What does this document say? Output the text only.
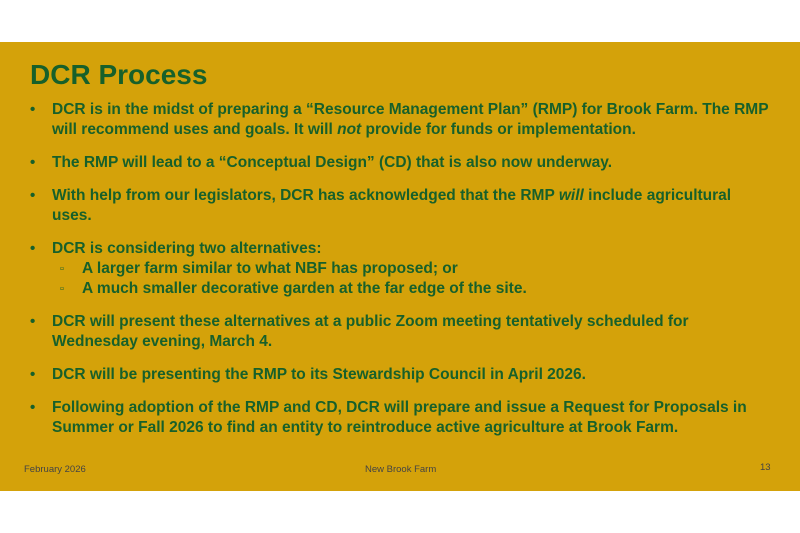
DCR Process
• DCR is in the midst of preparing a “Resource Management Plan” (RMP) for Brook Farm. The RMP will recommend uses and goals. It will not provide for funds or implementation.
• The RMP will lead to a “Conceptual Design” (CD) that is also now underway.
• With help from our legislators, DCR has acknowledged that the RMP will include agricultural uses.
• DCR is considering two alternatives:
▫ A larger farm similar to what NBF has proposed; or
▫ A much smaller decorative garden at the far edge of the site.
• DCR will present these alternatives at a public Zoom meeting tentatively scheduled for Wednesday evening, March 4.
• DCR will be presenting the RMP to its Stewardship Council in April 2026.
• Following adoption of the RMP and CD, DCR will prepare and issue a Request for Proposals in Summer or Fall 2026 to find an entity to reintroduce active agriculture at Brook Farm.
February 2026	New Brook Farm	13
